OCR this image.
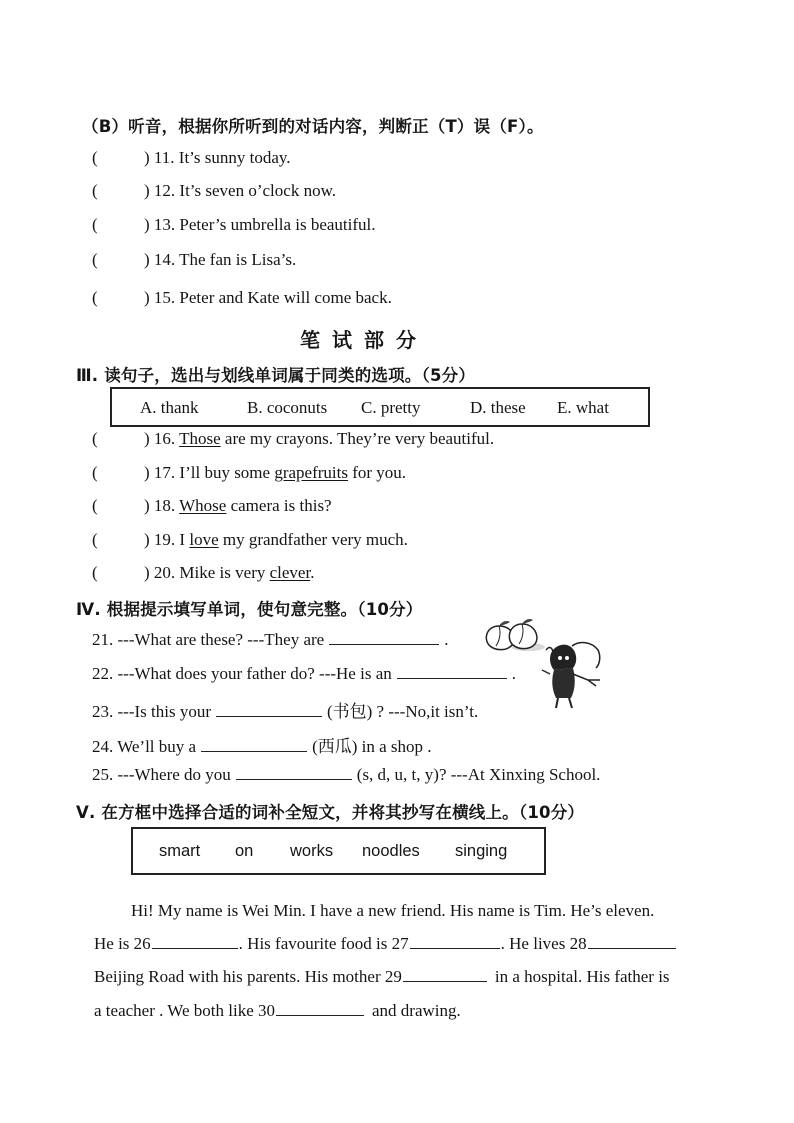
（B）听音，根据你所听到的对话内容，判断正（T）误（F）。
(	) 11. It’s sunny today.
(	) 12. It’s seven o’clock now.
(	) 13. Peter’s umbrella is beautiful.
(	) 14. The fan is Lisa’s.
(	) 15. Peter and Kate will come back.
笔试部分
Ⅲ. 读句子，选出与划线单词属于同类的选项。（5分）
A. thank	B. coconuts C. pretty	D. these E. what
(	) 16. Those are my crayons. They’re very beautiful.
(	) 17. I’ll buy some grapefruits for you.
(	) 18. Whose camera is this?
(	) 19. I love my grandfather very much.
(	) 20. Mike is very clever.
Ⅳ. 根据提示填写单词，使句意完整。（10分）
21. ---What are these? ---They are	.
22. ---What does your father do? ---He is an	.
23. ---Is this your	(书包) ? ---No,it isn’t.
24. We’ll buy a	(西瓜) in a shop .
25. ---Where do you	(s, d, u, t, y)? ---At Xinxing School.
Ⅴ. 在方框中选择合适的词补全短文，并将其抄写在横线上。（10分）
smart on works noodles singing
Hi! My name is Wei Min. I have a new friend. His name is Tim. He’s eleven.
He is 26	. His favourite food is 27	. He lives 28
Beijing Road with his parents. His mother 29	in a hospital. His father is
a teacher . We both like 30	and drawing.
